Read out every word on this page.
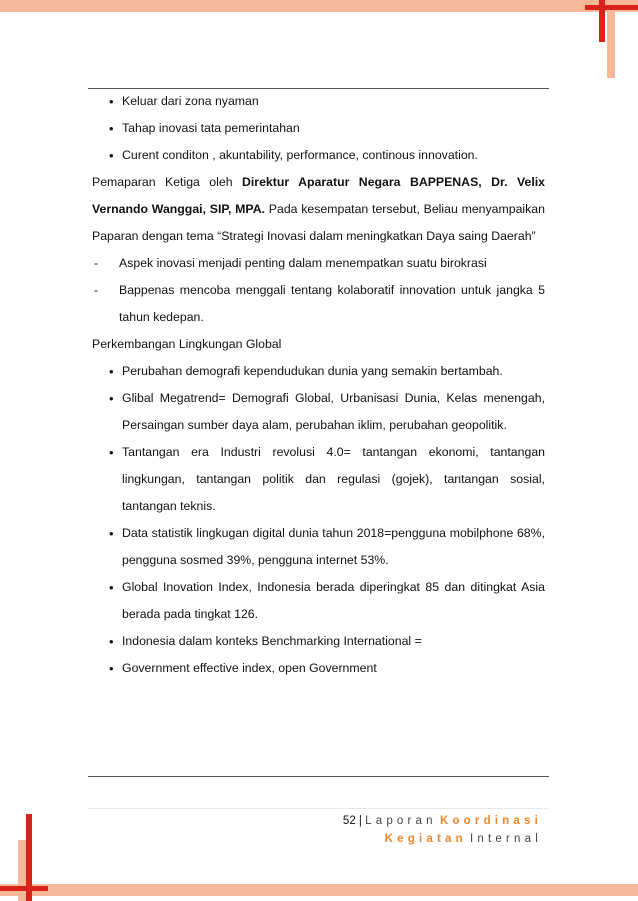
• Keluar dari zona nyaman
• Tahap inovasi tata pemerintahan
• Curent conditon , akuntability, performance, continous innovation.

Pemaparan Ketiga oleh Direktur Aparatur Negara BAPPENAS, Dr. Velix Vernando Wanggai, SIP, MPA. Pada kesempatan tersebut, Beliau menyampaikan Paparan dengan tema “Strategi Inovasi dalam meningkatkan Daya saing Daerah”

- Aspek inovasi menjadi penting dalam menempatkan suatu birokrasi
- Bappenas mencoba menggali tentang kolaboratif innovation untuk jangka 5 tahun kedepan.

Perkembangan Lingkungan Global

• Perubahan demografi kependudukan dunia yang semakin bertambah.
• Glibal Megatrend= Demografi Global, Urbanisasi Dunia, Kelas menengah, Persaingan sumber daya alam, perubahan iklim, perubahan geopolitik.
• Tantangan era Industri revolusi 4.0= tantangan ekonomi, tantangan lingkungan, tantangan politik dan regulasi (gojek), tantangan sosial, tantangan teknis.
• Data statistik lingkugan digital dunia tahun 2018=pengguna mobilphone 68%, pengguna sosmed 39%, pengguna internet 53%.
• Global Inovation Index, Indonesia berada diperingkat 85 dan ditingkat Asia berada pada tingkat 126.
• Indonesia dalam konteks Benchmarking International =
• Government effective index, open Government
52 | Laporan Koordinasi
Kegiatan Internal
